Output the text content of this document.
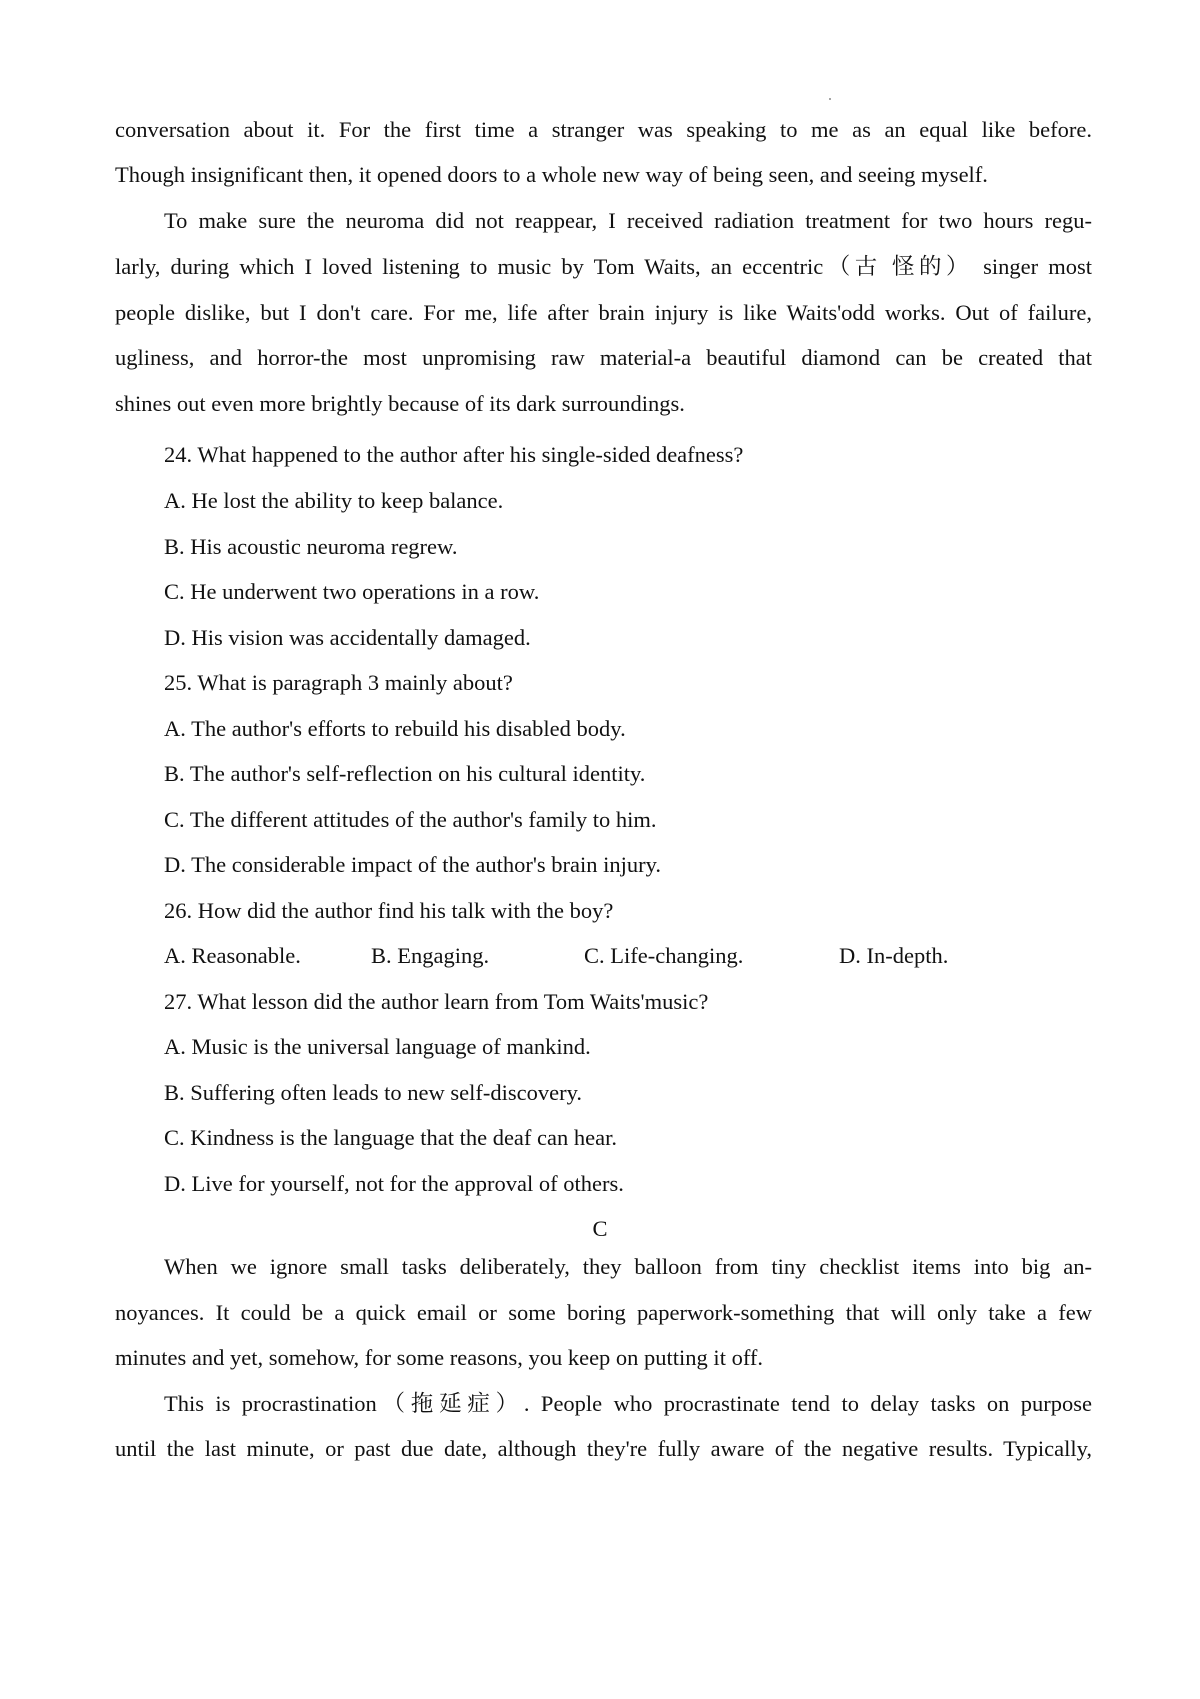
conversation about it. For the first time a stranger was speaking to me as an equal like before.
Though insignificant then, it opened doors to a whole new way of being seen, and seeing myself.
To make sure the neuroma did not reappear, I received radiation treatment for two hours regu-
larly, during which I loved listening to music by Tom Waits, an eccentric（古 怪的） singer most
people dislike, but I don't care. For me, life after brain injury is like Waits'odd works. Out of failure,
ugliness, and horror-the most unpromising raw material-a beautiful diamond can be created that
shines out even more brightly because of its dark surroundings.
24. What happened to the author after his single-sided deafness?
A. He lost the ability to keep balance.
B. His acoustic neuroma regrew.
C. He underwent two operations in a row.
D. His vision was accidentally damaged.
25. What is paragraph 3 mainly about?
A. The author's efforts to rebuild his disabled body.
B. The author's self-reflection on his cultural identity.
C. The different attitudes of the author's family to him.
D. The considerable impact of the author's brain injury.
26. How did the author find his talk with the boy?
A. Reasonable.	B. Engaging.	C. Life-changing.	D. In-depth.
27. What lesson did the author learn from Tom Waits'music?
A. Music is the universal language of mankind.
B. Suffering often leads to new self-discovery.
C. Kindness is the language that the deaf can hear.
D. Live for yourself, not for the approval of others.
C
When we ignore small tasks deliberately, they balloon from tiny checklist items into big an-
noyances. It could be a quick email or some boring paperwork-something that will only take a few
minutes and yet, somehow, for some reasons, you keep on putting it off.
This is procrastination（拖延症）. People who procrastinate tend to delay tasks on purpose
until the last minute, or past due date, although they're fully aware of the negative results. Typically,
